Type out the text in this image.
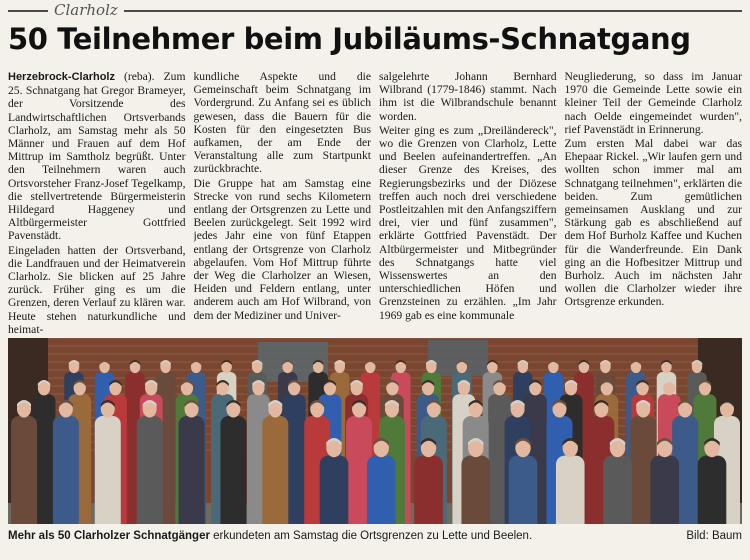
Clarholz
50 Teilnehmer beim Jubiläums-Schnatgang

Herzebrock-Clarholz (reba). Zum 25. Schnatgang hat Gregor Brameyer, der Vorsitzende des Landwirtschaftlichen Ortsverbands Clarholz, am Samstag mehr als 50 Männer und Frauen auf dem Hof Mittrup im Samtholz begrüßt. Unter den Teilnehmern waren auch Ortsvorsteher Franz-Josef Tegelkamp, die stellvertretende Bürgermeisterin Hildegard Haggeney und Altbürgermeister Gottfried Pavenstädt.

Eingeladen hatten der Ortsverband, die Landfrauen und der Heimatverein Clarholz. Sie blicken auf 25 Jahre zurück. Früher ging es um die Grenzen, deren Verlauf zu klären war. Heute stehen naturkundliche und heimat-

kundliche Aspekte und die Gemeinschaft beim Schnatgang im Vordergrund. Zu Anfang sei es üblich gewesen, dass die Bauern für die Kosten für den eingesetzten Bus aufkamen, der am Ende der Veranstaltung alle zum Startpunkt zurückbrachte.

Die Gruppe hat am Samstag eine Strecke von rund sechs Kilometern entlang der Ortsgrenzen zu Lette und Beelen zurückgelegt. Seit 1992 wird jedes Jahr eine von fünf Etappen entlang der Ortsgrenze von Clarholz abgelaufen. Vom Hof Mittrup führte der Weg die Clarholzer an Wiesen, Heiden und Feldern entlang, unter anderem auch am Hof Wilbrand, von dem der Mediziner und Univer-

salgelehrte Johann Bernhard Wilbrand (1779-1846) stammt. Nach ihm ist die Wilbrandschule benannt worden.

Weiter ging es zum „Dreiländereck", wo die Grenzen von Clarholz, Lette und Beelen aufeinandertreffen. „An dieser Grenze des Kreises, des Regierungsbezirks und der Diözese treffen auch noch drei verschiedene Postleitzahlen mit den Anfangsziffern drei, vier und fünf zusammen", erklärte Gottfried Pavenstädt. Der Altbürgermeister und Mitbegründer des Schnatgangs hatte viel Wissenswertes an den unterschiedlichen Höfen und Grenzsteinen zu erzählen. „Im Jahr 1969 gab es eine kommunale

Neugliederung, so dass im Januar 1970 die Gemeinde Lette sowie ein kleiner Teil der Gemeinde Clarholz nach Oelde eingemeindet wurden", rief Pavenstädt in Erinnerung.

Zum ersten Mal dabei war das Ehepaar Rickel. „Wir laufen gern und wollten schon immer mal am Schnatgang teilnehmen", erklärten die beiden. Zum gemütlichen gemeinsamen Ausklang und zur Stärkung gab es abschließend auf dem Hof Burholz Kaffee und Kuchen für die Wanderfreunde. Ein Dank ging an die Hofbesitzer Mittrup und Burholz. Auch im nächsten Jahr wollen die Clarholzer wieder ihre Ortsgrenze erkunden.

Mehr als 50 Clarholzer Schnatgänger erkundeten am Samstag die Ortsgrenzen zu Lette und Beelen.	Bild: Baum
